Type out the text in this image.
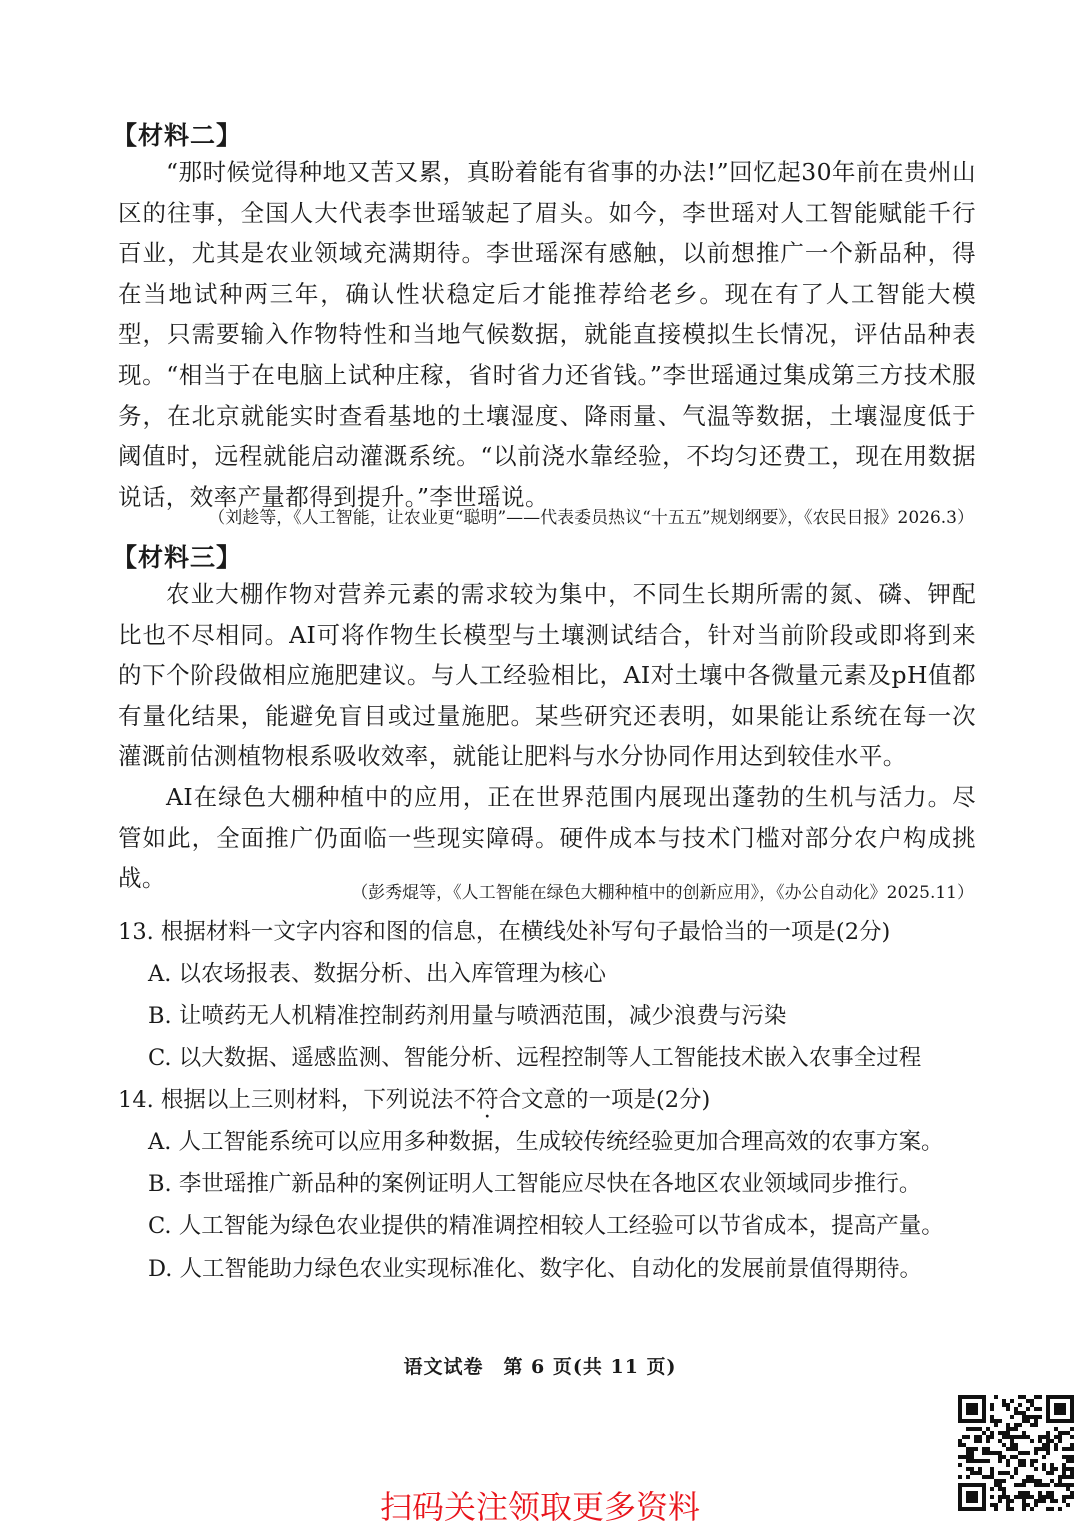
【材料二】

“那时候觉得种地又苦又累，真盼着能有省事的办法!”回忆起30年前在贵州山区的往事，全国人大代表李世瑶皱起了眉头。如今，李世瑶对人工智能赋能千行百业，尤其是农业领域充满期待。李世瑶深有感触，以前想推广一个新品种，得在当地试种两三年，确认性状稳定后才能推荐给老乡。现在有了人工智能大模型，只需要输入作物特性和当地气候数据，就能直接模拟生长情况，评估品种表现。“相当于在电脑上试种庄稼，省时省力还省钱。”李世瑶通过集成第三方技术服务，在北京就能实时查看基地的土壤湿度、降雨量、气温等数据，土壤湿度低于阈值时，远程就能启动灌溉系统。“以前浇水靠经验，不均匀还费工，现在用数据说话，效率产量都得到提升。”李世瑶说。

（刘趁等，《人工智能，让农业更“聪明”——代表委员热议“十五五”规划纲要》，《农民日报》2026.3）
【材料三】

农业大棚作物对营养元素的需求较为集中，不同生长期所需的氮、磷、钾配比也不尽相同。AI可将作物生长模型与土壤测试结合，针对当前阶段或即将到来的下个阶段做相应施肥建议。与人工经验相比，AI对土壤中各微量元素及pH值都有量化结果，能避免盲目或过量施肥。某些研究还表明，如果能让系统在每一次灌溉前估测植物根系吸收效率，就能让肥料与水分协同作用达到较佳水平。

AI在绿色大棚种植中的应用，正在世界范围内展现出蓬勃的生机与活力。尽管如此，全面推广仍面临一些现实障碍。硬件成本与技术门槛对部分农户构成挑战。

（彭秀焜等，《人工智能在绿色大棚种植中的创新应用》，《办公自动化》2025.11）
13. 根据材料一文字内容和图的信息，在横线处补写句子最恰当的一项是(2分)
A. 以农场报表、数据分析、出入库管理为核心
B. 让喷药无人机精准控制药剂用量与喷洒范围，减少浪费与污染
C. 以大数据、遥感监测、智能分析、远程控制等人工智能技术嵌入农事全过程
14. 根据以上三则材料，下列说法不符合文意的一项是(2分)
A. 人工智能系统可以应用多种数据，生成较传统经验更加合理高效的农事方案。
B. 李世瑶推广新品种的案例证明人工智能应尽快在各地区农业领域同步推行。
C. 人工智能为绿色农业提供的精准调控相较人工经验可以节省成本，提高产量。
D. 人工智能助力绿色农业实现标准化、数字化、自动化的发展前景值得期待。
语文试卷　第 6 页(共 11 页)
扫码关注领取更多资料
